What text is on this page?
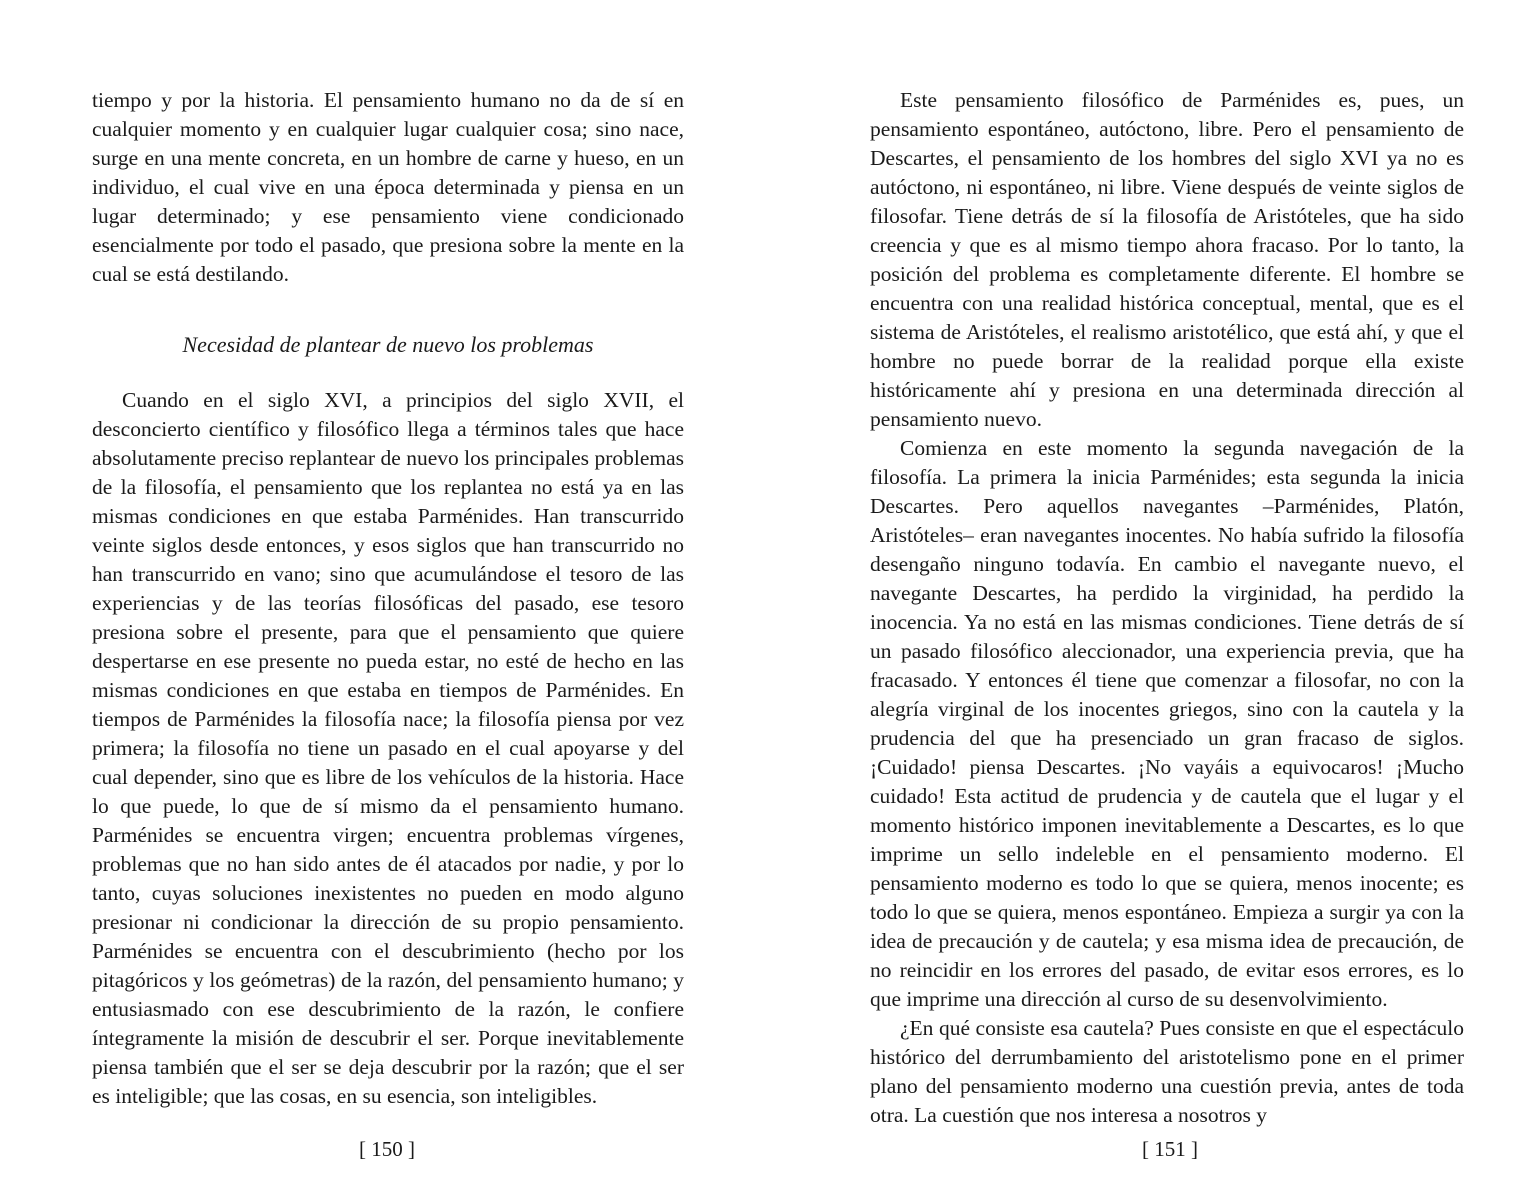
tiempo y por la historia. El pensamiento humano no da de sí en cualquier momento y en cualquier lugar cualquier cosa; sino nace, surge en una mente concreta, en un hombre de carne y hueso, en un individuo, el cual vive en una época determinada y piensa en un lugar determinado; y ese pensamiento viene condicionado esencialmente por todo el pasado, que presiona sobre la mente en la cual se está destilando.

Necesidad de plantear de nuevo los problemas

Cuando en el siglo XVI, a principios del siglo XVII, el desconcierto científico y filosófico llega a términos tales que hace absolutamente preciso replantear de nuevo los principales problemas de la filosofía, el pensamiento que los replantea no está ya en las mismas condiciones en que estaba Parménides. Han transcurrido veinte siglos desde entonces, y esos siglos que han transcurrido no han transcurrido en vano; sino que acumulándose el tesoro de las experiencias y de las teorías filosóficas del pasado, ese tesoro presiona sobre el presente, para que el pensamiento que quiere despertarse en ese presente no pueda estar, no esté de hecho en las mismas condiciones en que estaba en tiempos de Parménides. En tiempos de Parménides la filosofía nace; la filosofía piensa por vez primera; la filosofía no tiene un pasado en el cual apoyarse y del cual depender, sino que es libre de los vehículos de la historia. Hace lo que puede, lo que de sí mismo da el pensamiento humano. Parménides se encuentra virgen; encuentra problemas vírgenes, problemas que no han sido antes de él atacados por nadie, y por lo tanto, cuyas soluciones inexistentes no pueden en modo alguno presionar ni condicionar la dirección de su propio pensamiento. Parménides se encuentra con el descubrimiento (hecho por los pitagóricos y los geómetras) de la razón, del pensamiento humano; y entusiasmado con ese descubrimiento de la razón, le confiere íntegramente la misión de descubrir el ser. Porque inevitablemente piensa también que el ser se deja descubrir por la razón; que el ser es inteligible; que las cosas, en su esencia, son inteligibles.

[ 150 ]

Este pensamiento filosófico de Parménides es, pues, un pensamiento espontáneo, autóctono, libre. Pero el pensamiento de Descartes, el pensamiento de los hombres del siglo XVI ya no es autóctono, ni espontáneo, ni libre. Viene después de veinte siglos de filosofar. Tiene detrás de sí la filosofía de Aristóteles, que ha sido creencia y que es al mismo tiempo ahora fracaso. Por lo tanto, la posición del problema es completamente diferente. El hombre se encuentra con una realidad histórica conceptual, mental, que es el sistema de Aristóteles, el realismo aristotélico, que está ahí, y que el hombre no puede borrar de la realidad porque ella existe históricamente ahí y presiona en una determinada dirección al pensamiento nuevo.

Comienza en este momento la segunda navegación de la filosofía. La primera la inicia Parménides; esta segunda la inicia Descartes. Pero aquellos navegantes –Parménides, Platón, Aristóteles– eran navegantes inocentes. No había sufrido la filosofía desengaño ninguno todavía. En cambio el navegante nuevo, el navegante Descartes, ha perdido la virginidad, ha perdido la inocencia. Ya no está en las mismas condiciones. Tiene detrás de sí un pasado filosófico aleccionador, una experiencia previa, que ha fracasado. Y entonces él tiene que comenzar a filosofar, no con la alegría virginal de los inocentes griegos, sino con la cautela y la prudencia del que ha presenciado un gran fracaso de siglos. ¡Cuidado! piensa Descartes. ¡No vayáis a equivocaros! ¡Mucho cuidado! Esta actitud de prudencia y de cautela que el lugar y el momento histórico imponen inevitablemente a Descartes, es lo que imprime un sello indeleble en el pensamiento moderno. El pensamiento moderno es todo lo que se quiera, menos inocente; es todo lo que se quiera, menos espontáneo. Empieza a surgir ya con la idea de precaución y de cautela; y esa misma idea de precaución, de no reincidir en los errores del pasado, de evitar esos errores, es lo que imprime una dirección al curso de su desenvolvimiento.

¿En qué consiste esa cautela? Pues consiste en que el espectáculo histórico del derrumbamiento del aristotelismo pone en el primer plano del pensamiento moderno una cuestión previa, antes de toda otra. La cuestión que nos interesa a nosotros y

[ 151 ]
